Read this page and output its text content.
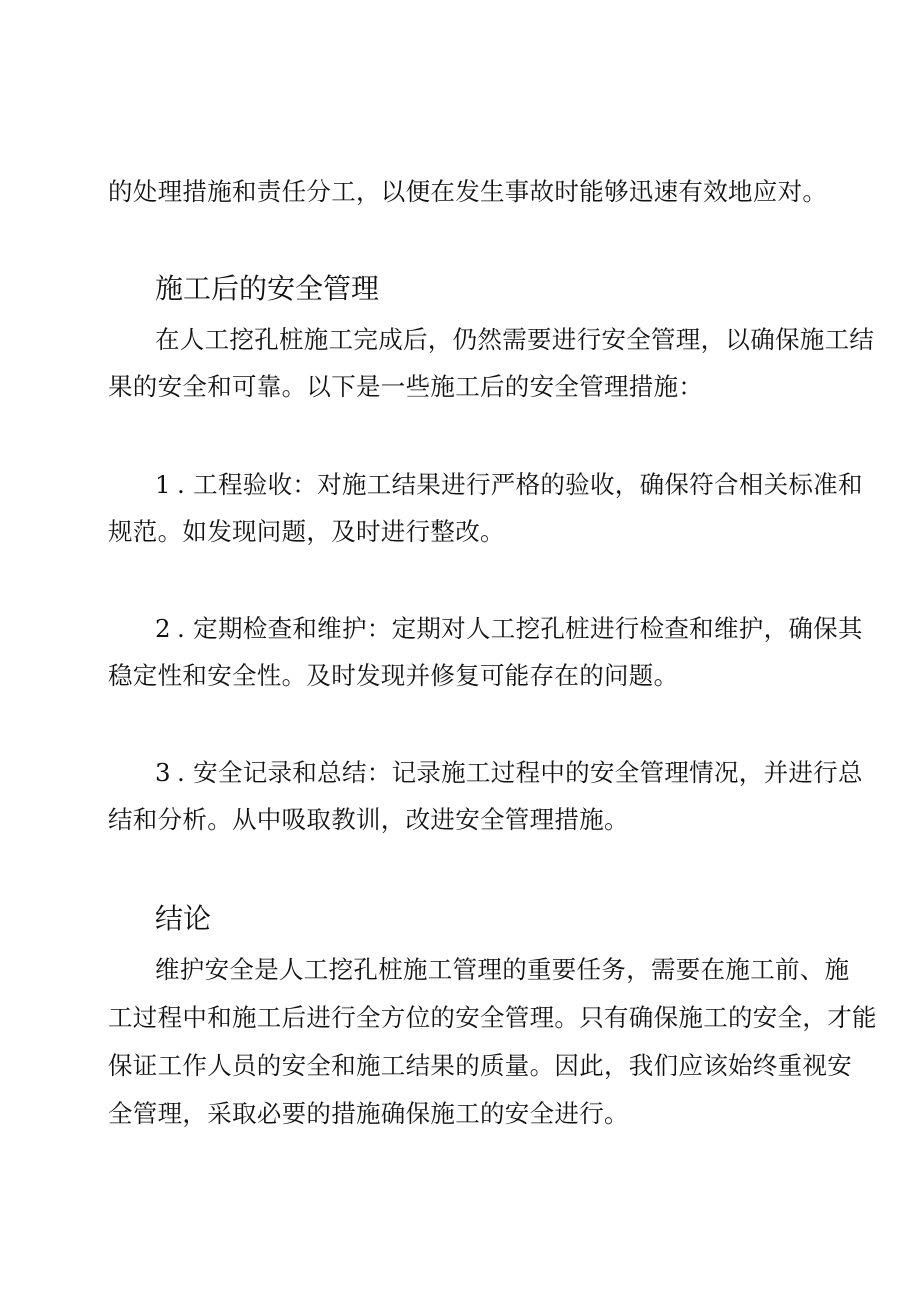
的处理措施和责任分工，以便在发生事故时能够迅速有效地应对。
施工后的安全管理
在人工挖孔桩施工完成后，仍然需要进行安全管理，以确保施工结
果的安全和可靠。以下是一些施工后的安全管理措施：
1 . 工程验收：对施工结果进行严格的验收，确保符合相关标准和
规范。如发现问题，及时进行整改。
2 . 定期检查和维护：定期对人工挖孔桩进行检查和维护，确保其
稳定性和安全性。及时发现并修复可能存在的问题。
3 . 安全记录和总结：记录施工过程中的安全管理情况，并进行总
结和分析。从中吸取教训，改进安全管理措施。
结论
维护安全是人工挖孔桩施工管理的重要任务，需要在施工前、施
工过程中和施工后进行全方位的安全管理。只有确保施工的安全，才能
保证工作人员的安全和施工结果的质量。因此，我们应该始终重视安
全管理，采取必要的措施确保施工的安全进行。
